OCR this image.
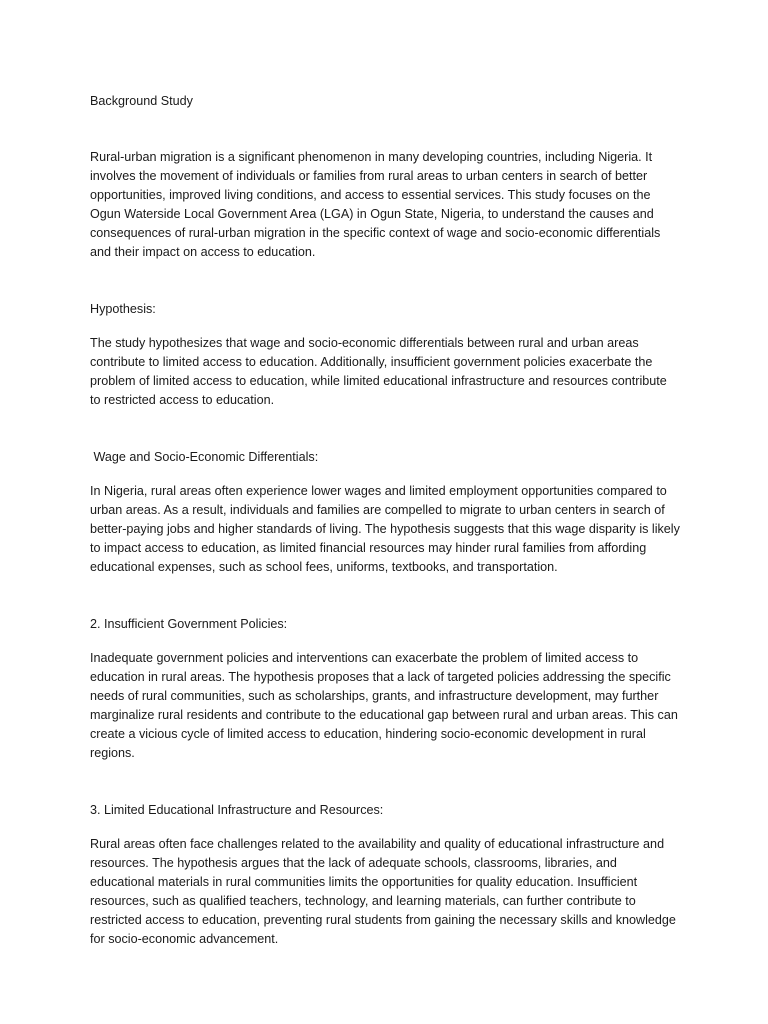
Background Study

Rural-urban migration is a significant phenomenon in many developing countries, including Nigeria. It involves the movement of individuals or families from rural areas to urban centers in search of better opportunities, improved living conditions, and access to essential services. This study focuses on the Ogun Waterside Local Government Area (LGA) in Ogun State, Nigeria, to understand the causes and consequences of rural-urban migration in the specific context of wage and socio-economic differentials and their impact on access to education.

Hypothesis:

The study hypothesizes that wage and socio-economic differentials between rural and urban areas contribute to limited access to education. Additionally, insufficient government policies exacerbate the problem of limited access to education, while limited educational infrastructure and resources contribute to restricted access to education.

Wage and Socio-Economic Differentials:

In Nigeria, rural areas often experience lower wages and limited employment opportunities compared to urban areas. As a result, individuals and families are compelled to migrate to urban centers in search of better-paying jobs and higher standards of living. The hypothesis suggests that this wage disparity is likely to impact access to education, as limited financial resources may hinder rural families from affording educational expenses, such as school fees, uniforms, textbooks, and transportation.

2. Insufficient Government Policies:

Inadequate government policies and interventions can exacerbate the problem of limited access to education in rural areas. The hypothesis proposes that a lack of targeted policies addressing the specific needs of rural communities, such as scholarships, grants, and infrastructure development, may further marginalize rural residents and contribute to the educational gap between rural and urban areas. This can create a vicious cycle of limited access to education, hindering socio-economic development in rural regions.

3. Limited Educational Infrastructure and Resources:

Rural areas often face challenges related to the availability and quality of educational infrastructure and resources. The hypothesis argues that the lack of adequate schools, classrooms, libraries, and educational materials in rural communities limits the opportunities for quality education. Insufficient resources, such as qualified teachers, technology, and learning materials, can further contribute to restricted access to education, preventing rural students from gaining the necessary skills and knowledge for socio-economic advancement.
